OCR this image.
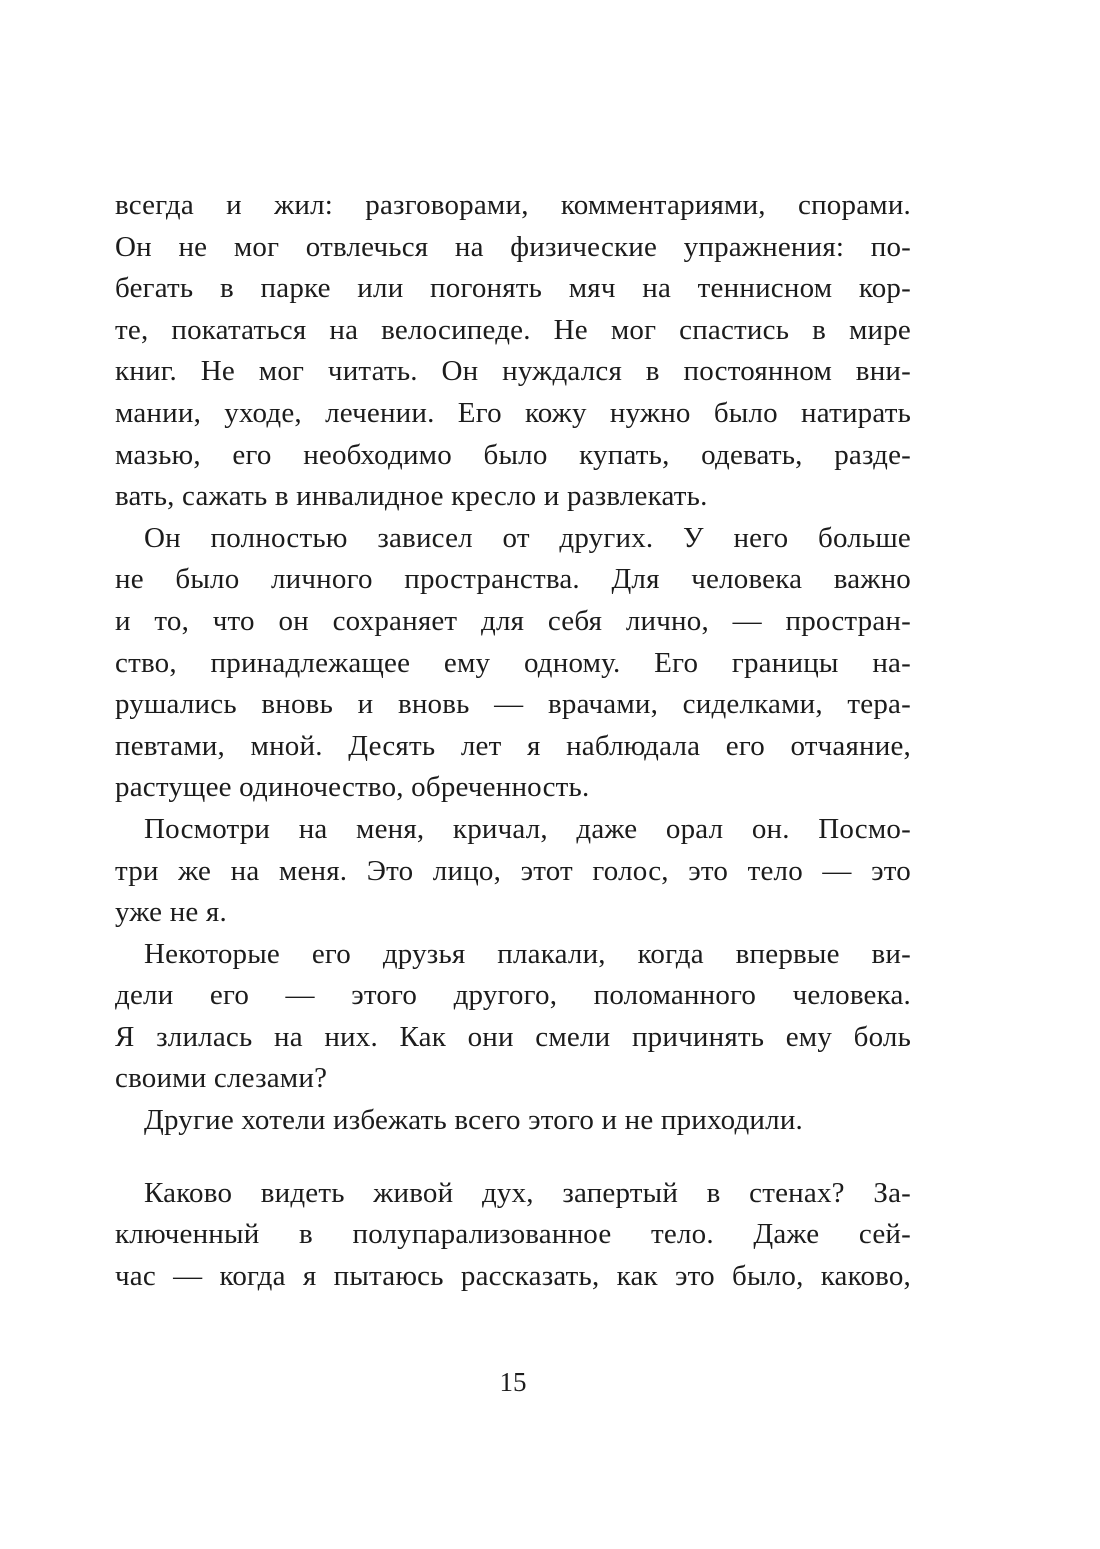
всегда и жил: разговорами, комментариями, спорами.
Он не мог отвлечься на физические упражнения: по-
бегать в парке или погонять мяч на теннисном кор-
те, покататься на велосипеде. Не мог спастись в мире
книг. Не мог читать. Он нуждался в постоянном вни-
мании, уходе, лечении. Его кожу нужно было натирать
мазью, его необходимо было купать, одевать, разде-
вать, сажать в инвалидное кресло и развлекать.
Он полностью зависел от других. У него больше
не было личного пространства. Для человека важно
и то, что он сохраняет для себя лично, — простран-
ство, принадлежащее ему одному. Его границы на-
рушались вновь и вновь — врачами, сиделками, тера-
певтами, мной. Десять лет я наблюдала его отчаяние,
растущее одиночество, обреченность.
Посмотри на меня, кричал, даже орал он. Посмо-
три же на меня. Это лицо, этот голос, это тело — это
уже не я.
Некоторые его друзья плакали, когда впервые ви-
дели его — этого другого, поломанного человека.
Я злилась на них. Как они смели причинять ему боль
своими слезами?
Другие хотели избежать всего этого и не приходили.
Каково видеть живой дух, запертый в стенах? За-
ключенный в полупарализованное тело. Даже сей-
час — когда я пытаюсь рассказать, как это было, каково,
15
